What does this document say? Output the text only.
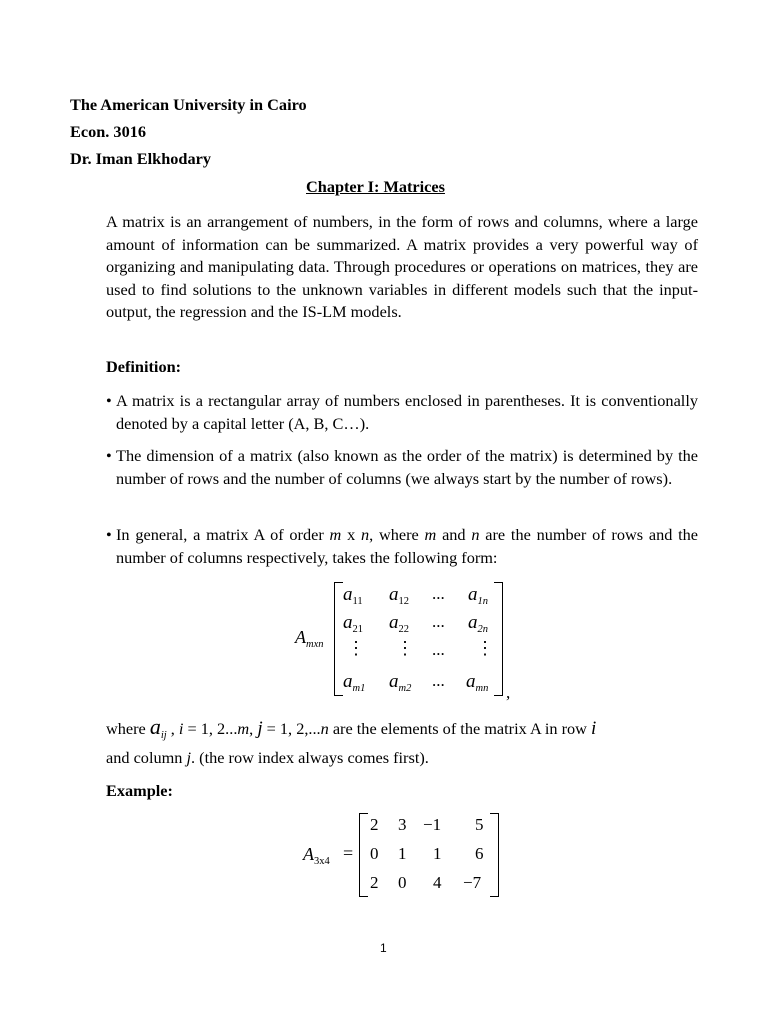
The American University in Cairo
Econ. 3016
Dr. Iman Elkhodary
Chapter I: Matrices
A matrix is an arrangement of numbers, in the form of rows and columns, where a large amount of information can be summarized. A matrix provides a very powerful way of organizing and manipulating data. Through procedures or operations on matrices, they are used to find solutions to the unknown variables in different models such that the input-output, the regression and the IS-LM models.
Definition:
• A matrix is a rectangular array of numbers enclosed in parentheses. It is conventionally denoted by a capital letter (A, B, C…).
• The dimension of a matrix (also known as the order of the matrix) is determined by the number of rows and the number of columns (we always start by the number of rows).
• In general, a matrix A of order m x n, where m and n are the number of rows and the number of columns respectively, takes the following form:
$A_{mxn}$
$a_{11}$ $a_{12}$ ... $a_{1n}$
$a_{21}$ $a_{22}$ ... $a_{2n}$
⋮ ⋮ ... ⋮
$a_{m1}$ $a_{m2}$ ... $a_{mn}$ ,
where $a_{ij}$ , i = 1, 2...m, j = 1, 2,...n are the elements of the matrix A in row i
and column j. (the row index always comes first).
Example:
$A_{3x4}$ =
2 3 −1 5
0 1 1 6
2 0 4 −7
1
